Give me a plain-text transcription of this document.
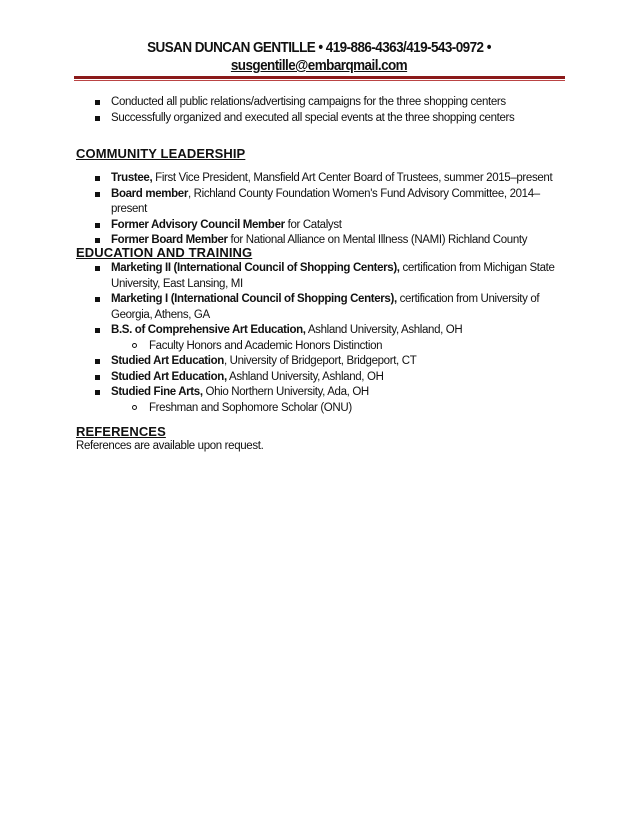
SUSAN DUNCAN GENTILLE • 419-886-4363/419-543-0972 •
susgentille@embarqmail.com
Conducted all public relations/advertising campaigns for the three shopping centers
Successfully organized and executed all special events at the three shopping centers
COMMUNITY LEADERSHIP
Trustee, First Vice President, Mansfield Art Center Board of Trustees, summer 2015–present
Board member, Richland County Foundation Women's Fund Advisory Committee, 2014– present
Former Advisory Council Member for Catalyst
Former Board Member for National Alliance on Mental Illness (NAMI) Richland County
EDUCATION AND TRAINING
Marketing II (International Council of Shopping Centers), certification from Michigan State University, East Lansing, MI
Marketing I (International Council of Shopping Centers), certification from University of Georgia, Athens, GA
B.S. of Comprehensive Art Education, Ashland University, Ashland, OH
Faculty Honors and Academic Honors Distinction
Studied Art Education, University of Bridgeport, Bridgeport, CT
Studied Art Education, Ashland University, Ashland, OH
Studied Fine Arts, Ohio Northern University, Ada, OH
Freshman and Sophomore Scholar (ONU)
REFERENCES
References are available upon request.
